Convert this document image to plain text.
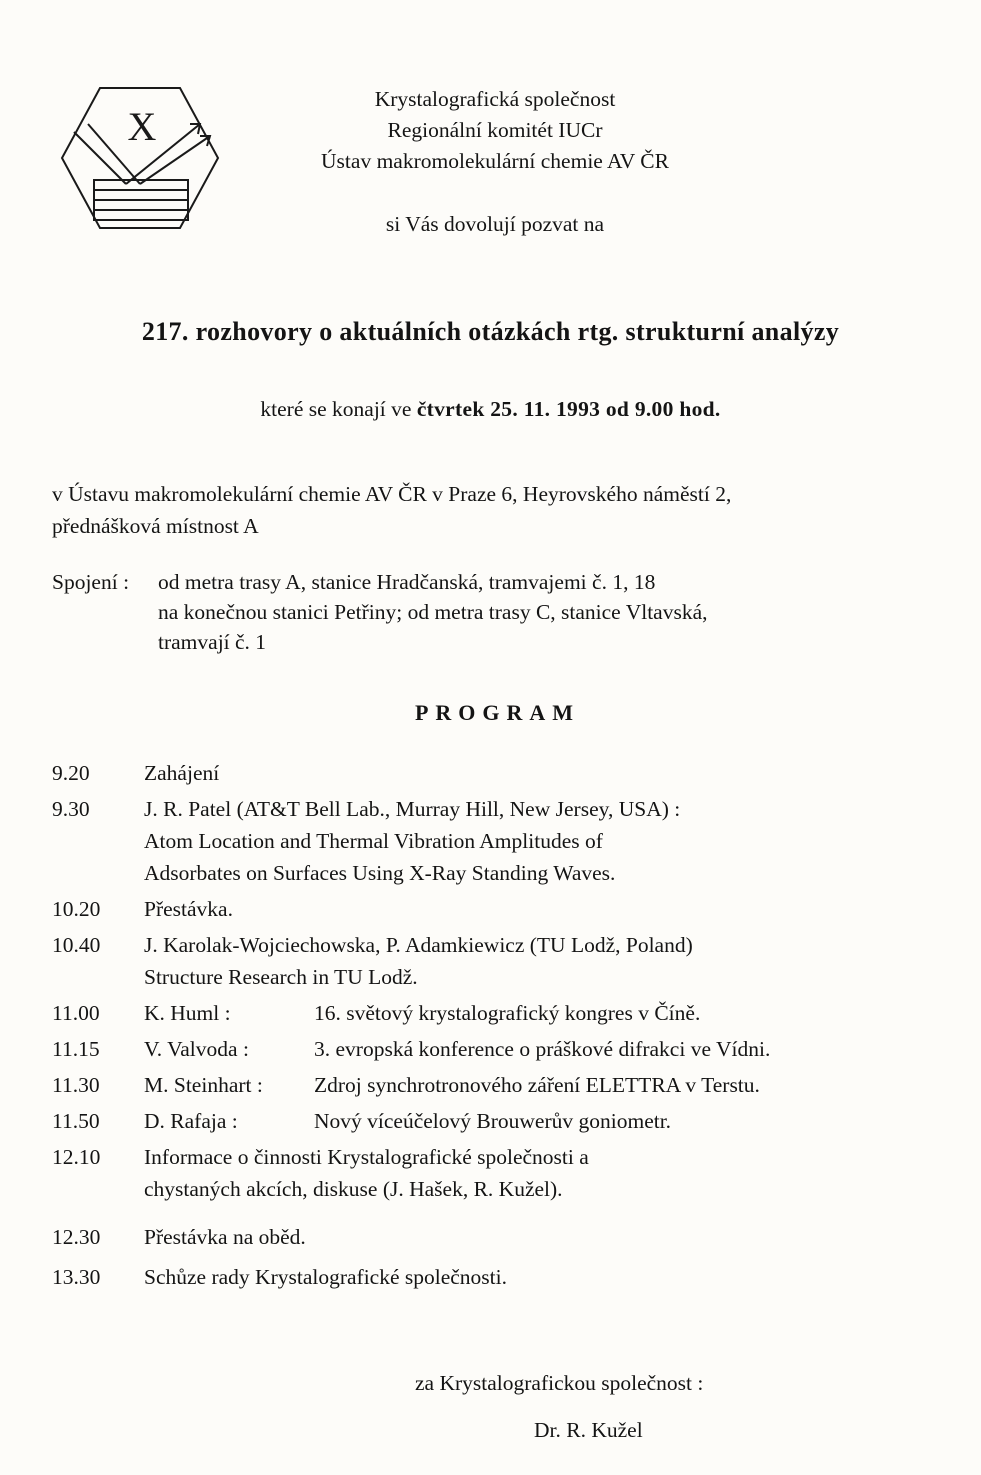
X
Krystalografická společnost
Regionální komitét IUCr
Ústav makromolekulární chemie AV ČR
si Vás dovolují pozvat na
217. rozhovory o aktuálních otázkách rtg. strukturní analýzy
které se konají ve čtvrtek 25. 11. 1993 od 9.00 hod.
v Ústavu makromolekulární chemie AV ČR v Praze 6, Heyrovského náměstí 2,
přednášková místnost A
Spojení : od metra trasy A, stanice Hradčanská, tramvajemi č. 1, 18
na konečnou stanici Petřiny; od metra trasy C, stanice Vltavská,
tramvají č. 1
PROGRAM
9.20	Zahájení
9.30	J. R. Patel (AT&T Bell Lab., Murray Hill, New Jersey, USA) :
Atom Location and Thermal Vibration Amplitudes of
Adsorbates on Surfaces Using X-Ray Standing Waves.
10.20 Přestávka.
10.40 J. Karolak-Wojciechowska, P. Adamkiewicz (TU Lodž, Poland)
Structure Research in TU Lodž.
11.00 K. Huml :	16. světový krystalografický kongres v Číně.
11.15 V. Valvoda :	3. evropská konference o práškové difrakci ve Vídni.
11.30 M. Steinhart : Zdroj synchrotronového záření ELETTRA v Terstu.
11.50 D. Rafaja :	Nový víceúčelový Brouwerův goniometr.
12.10 Informace o činnosti Krystalografické společnosti a
chystaných akcích, diskuse (J. Hašek, R. Kužel).
12.30 Přestávka na oběd.
13.30 Schůze rady Krystalografické společnosti.
za Krystalografickou společnost :
Dr. R. Kužel
